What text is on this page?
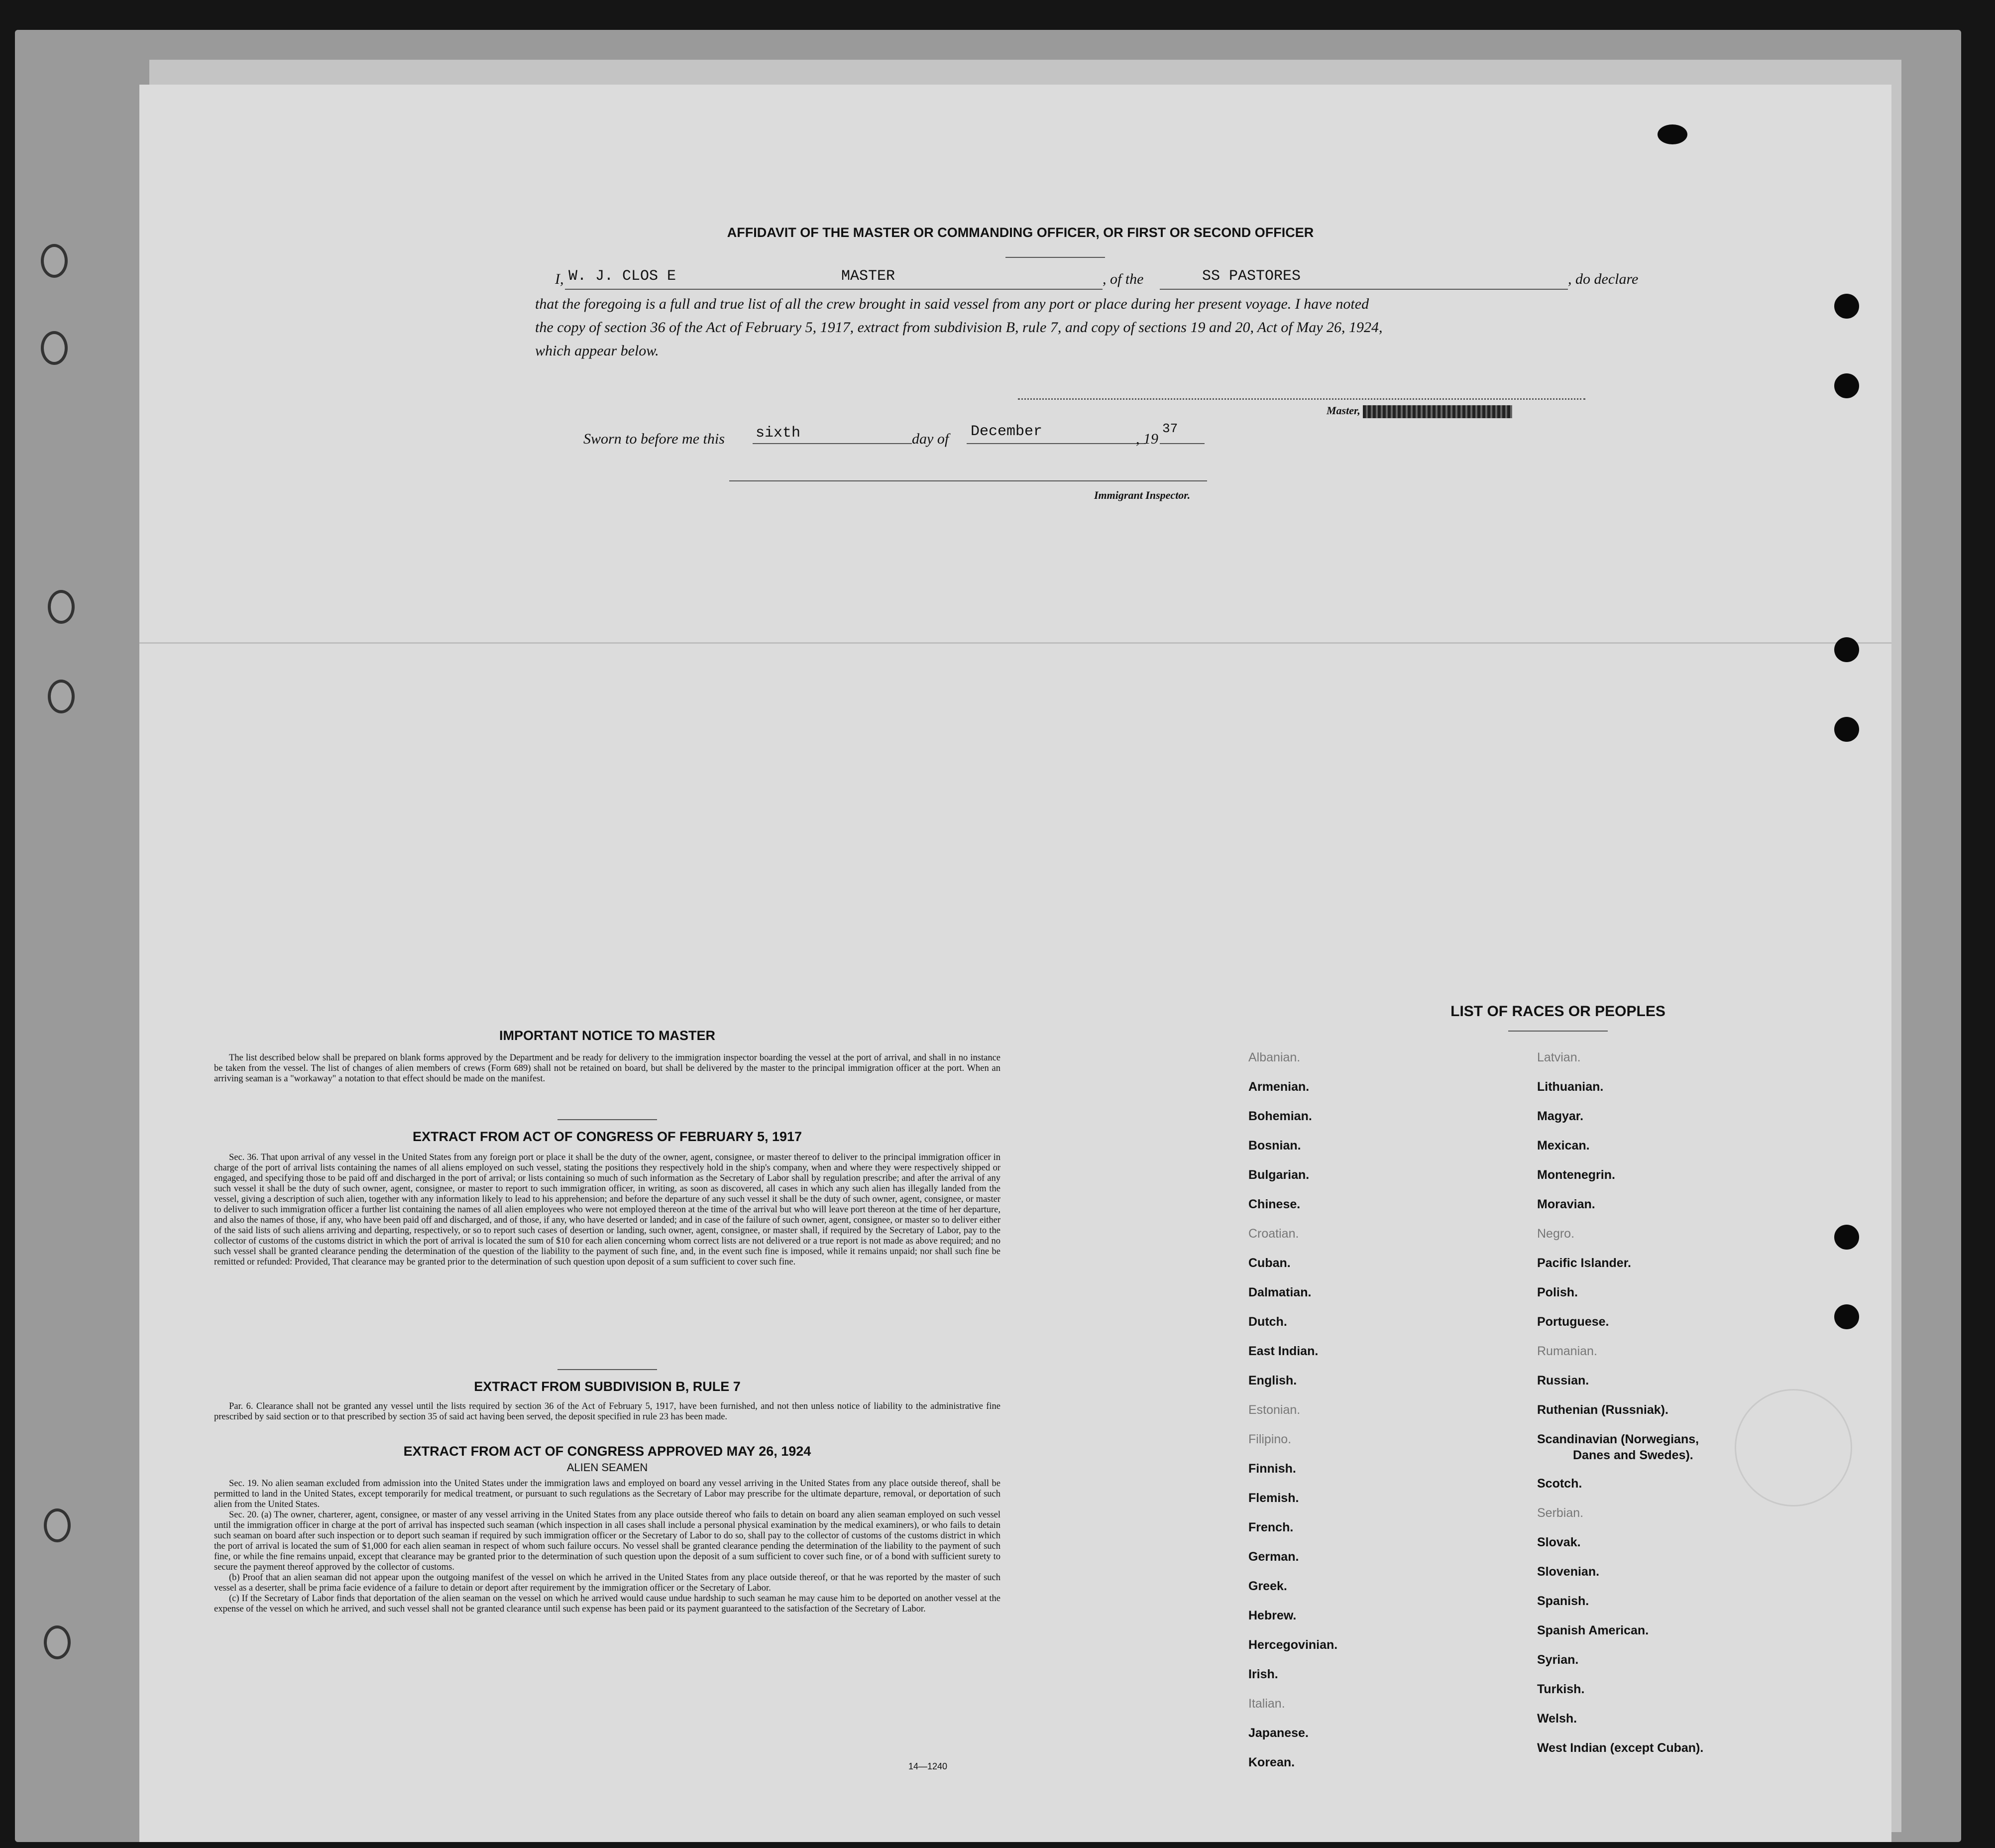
AFFIDAVIT OF THE MASTER OR COMMANDING OFFICER, OR FIRST OR SECOND OFFICER
I, W. J. CLOS E	MASTER	, of the	SS PASTORES	, do declare
that the foregoing is a full and true list of all the crew brought in said vessel from any port or place during her present voyage. I have noted
the copy of section 36 of the Act of February 5, 1917, extract from subdivision B, rule 7, and copy of sections 19 and 20, Act of May 26, 1924,
which appear below.
Master,
Sworn to before me this sixth	day of December	, 19
37
Immigrant Inspector.
IMPORTANT NOTICE TO MASTER

The list described below shall be prepared on blank forms approved by the Department and be ready for delivery to the immigration inspector boarding the vessel at the port of arrival, and shall in no instance be taken from the vessel. The list of changes of alien members of crews (Form 689) shall not be retained on board, but shall be delivered by the master to the principal immigration officer at the port. When an arriving seaman is a "workaway" a notation to that effect should be made on the manifest.

EXTRACT FROM ACT OF CONGRESS OF FEBRUARY 5, 1917

Sec. 36. That upon arrival of any vessel in the United States from any foreign port or place it shall be the duty of the owner, agent, consignee, or master thereof to deliver to the principal immigration officer in charge of the port of arrival lists containing the names of all aliens employed on such vessel, stating the positions they respectively hold in the ship's company, when and where they were respectively shipped or engaged, and specifying those to be paid off and discharged in the port of arrival; or lists containing so much of such information as the Secretary of Labor shall by regulation prescribe; and after the arrival of any such vessel it shall be the duty of such owner, agent, consignee, or master to report to such immigration officer, in writing, as soon as discovered, all cases in which any such alien has illegally landed from the vessel, giving a description of such alien, together with any information likely to lead to his apprehension; and before the departure of any such vessel it shall be the duty of such owner, agent, consignee, or master to deliver to such immigration officer a further list containing the names of all alien employees who were not employed thereon at the time of the arrival but who will leave port thereon at the time of her departure, and also the names of those, if any, who have been paid off and discharged, and of those, if any, who have deserted or landed; and in case of the failure of such owner, agent, consignee, or master so to deliver either of the said lists of such aliens arriving and departing, respectively, or so to report such cases of desertion or landing, such owner, agent, consignee, or master shall, if required by the Secretary of Labor, pay to the collector of customs of the customs district in which the port of arrival is located the sum of $10 for each alien concerning whom correct lists are not delivered or a true report is not made as above required; and no such vessel shall be granted clearance pending the determination of the question of the liability to the payment of such fine, and, in the event such fine is imposed, while it remains unpaid; nor shall such fine be remitted or refunded: Provided, That clearance may be granted prior to the determination of such question upon deposit of a sum sufficient to cover such fine.

EXTRACT FROM SUBDIVISION B, RULE 7

Par. 6. Clearance shall not be granted any vessel until the lists required by section 36 of the Act of February 5, 1917, have been furnished, and not then unless notice of liability to the administrative fine prescribed by said section or to that prescribed by section 35 of said act having been served, the deposit specified in rule 23 has been made.

EXTRACT FROM ACT OF CONGRESS APPROVED MAY 26, 1924
ALIEN SEAMEN

Sec. 19. No alien seaman excluded from admission into the United States under the immigration laws and employed on board any vessel arriving in the United States from any place outside thereof, shall be permitted to land in the United States, except temporarily for medical treatment, or pursuant to such regulations as the Secretary of Labor may prescribe for the ultimate departure, removal, or deportation of such alien from the United States.

Sec. 20. (a) The owner, charterer, agent, consignee, or master of any vessel arriving in the United States from any place outside thereof who fails to detain on board any alien seaman employed on such vessel until the immigration officer in charge at the port of arrival has inspected such seaman (which inspection in all cases shall include a personal physical examination by the medical examiners), or who fails to detain such seaman on board after such inspection or to deport such seaman if required by such immigration officer or the Secretary of Labor to do so, shall pay to the collector of customs of the customs district in which the port of arrival is located the sum of $1,000 for each alien seaman in respect of whom such failure occurs. No vessel shall be granted clearance pending the determination of the liability to the payment of such fine, or while the fine remains unpaid, except that clearance may be granted prior to the determination of such question upon the deposit of a sum sufficient to cover such fine, or of a bond with sufficient surety to secure the payment thereof approved by the collector of customs.

(b) Proof that an alien seaman did not appear upon the outgoing manifest of the vessel on which he arrived in the United States from any place outside thereof, or that he was reported by the master of such vessel as a deserter, shall be prima facie evidence of a failure to detain or deport after requirement by the immigration officer or the Secretary of Labor.

(c) If the Secretary of Labor finds that deportation of the alien seaman on the vessel on which he arrived would cause undue hardship to such seaman he may cause him to be deported on another vessel at the expense of the vessel on which he arrived, and such vessel shall not be granted clearance until such expense has been paid or its payment guaranteed to the satisfaction of the Secretary of Labor.

14—1240
LIST OF RACES OR PEOPLES
Albanian.
Armenian.
Bohemian.
Bosnian.
Bulgarian.
Chinese.
Croatian.
Cuban.
Dalmatian.
Dutch.
East Indian.
English.
Estonian.
Filipino.
Finnish.
Flemish.
French.
German.
Greek.
Hebrew.
Hercegovinian.
Irish.
Italian.
Japanese.
Korean.
Latvian.
Lithuanian.
Magyar.
Mexican.
Montenegrin.
Moravian.
Negro.
Pacific Islander.
Polish.
Portuguese.
Rumanian.
Russian.
Ruthenian (Russniak).
Scandinavian (Norwegians,
Danes and Swedes).
Scotch.
Serbian.
Slovak.
Slovenian.
Spanish.
Spanish American.
Syrian.
Turkish.
Welsh.
West Indian (except Cuban).
